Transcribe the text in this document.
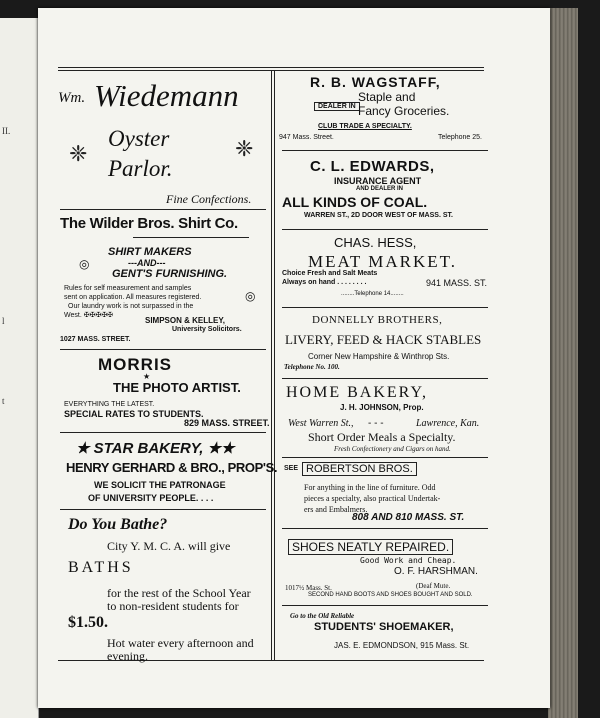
II.
l
t
Wm. Wiedemann
Oyster
Parlor.
❈	❈
Fine Confections.
The Wilder Bros. Shirt Co.
SHIRT MAKERS
---AND---
GENT'S FURNISHING.
◎
◎
Rules for self measurement and samples
sent on application. All measures registered.
Our laundry work is not surpassed in the
West. ✠✠✠✠✠
SIMPSON & KELLEY,
University Solicitors.
1027 MASS. STREET.
MORRIS
★
THE PHOTO ARTIST.
EVERYTHING THE LATEST.
SPECIAL RATES TO STUDENTS.
829 MASS. STREET.
★ STAR BAKERY, ★★
HENRY GERHARD & BRO., PROP'S.
WE SOLICIT THE PATRONAGE
OF UNIVERSITY PEOPLE. . . .
Do You Bathe?
City Y. M. C. A. will give
BATHS
for the rest of the School Year
to non-resident students for
$1.50.
Hot water every afternoon and
evening.
R. B. WAGSTAFF,
DEALER IN
Staple and
Fancy Groceries.
CLUB TRADE A SPECIALTY.
947 Mass. Street.	Telephone 25.
C. L. EDWARDS,
INSURANCE AGENT
AND DEALER IN
ALL KINDS OF COAL.
WARREN ST., 2D DOOR WEST OF MASS. ST.
CHAS. HESS,
MEAT MARKET.
Choice Fresh and Salt Meats
Always on hand . . . . . . . .	941 MASS. ST.
........Telephone 14........
DONNELLY BROTHERS,
LIVERY, FEED & HACK STABLES
Corner New Hampshire & Winthrop Sts.
Telephone No. 100.
HOME BAKERY,
J. H. JOHNSON, Prop.
West Warren St., - - -	Lawrence, Kan.
Short Order Meals a Specialty.
Fresh Confectionery and Cigars on hand.
SEE ROBERTSON BROS.
For anything in the line of furniture. Odd
pieces a specialty, also practical Undertak-
ers and Embalmers.
808 AND 810 MASS. ST.
SHOES NEATLY REPAIRED.
Good Work and Cheap.
O. F. HARSHMAN.
1017½ Mass. St.	(Deaf Mute.
SECOND HAND BOOTS AND SHOES BOUGHT AND SOLD.
Go to the Old Reliable
STUDENTS' SHOEMAKER,
JAS. E. EDMONDSON, 915 Mass. St.
